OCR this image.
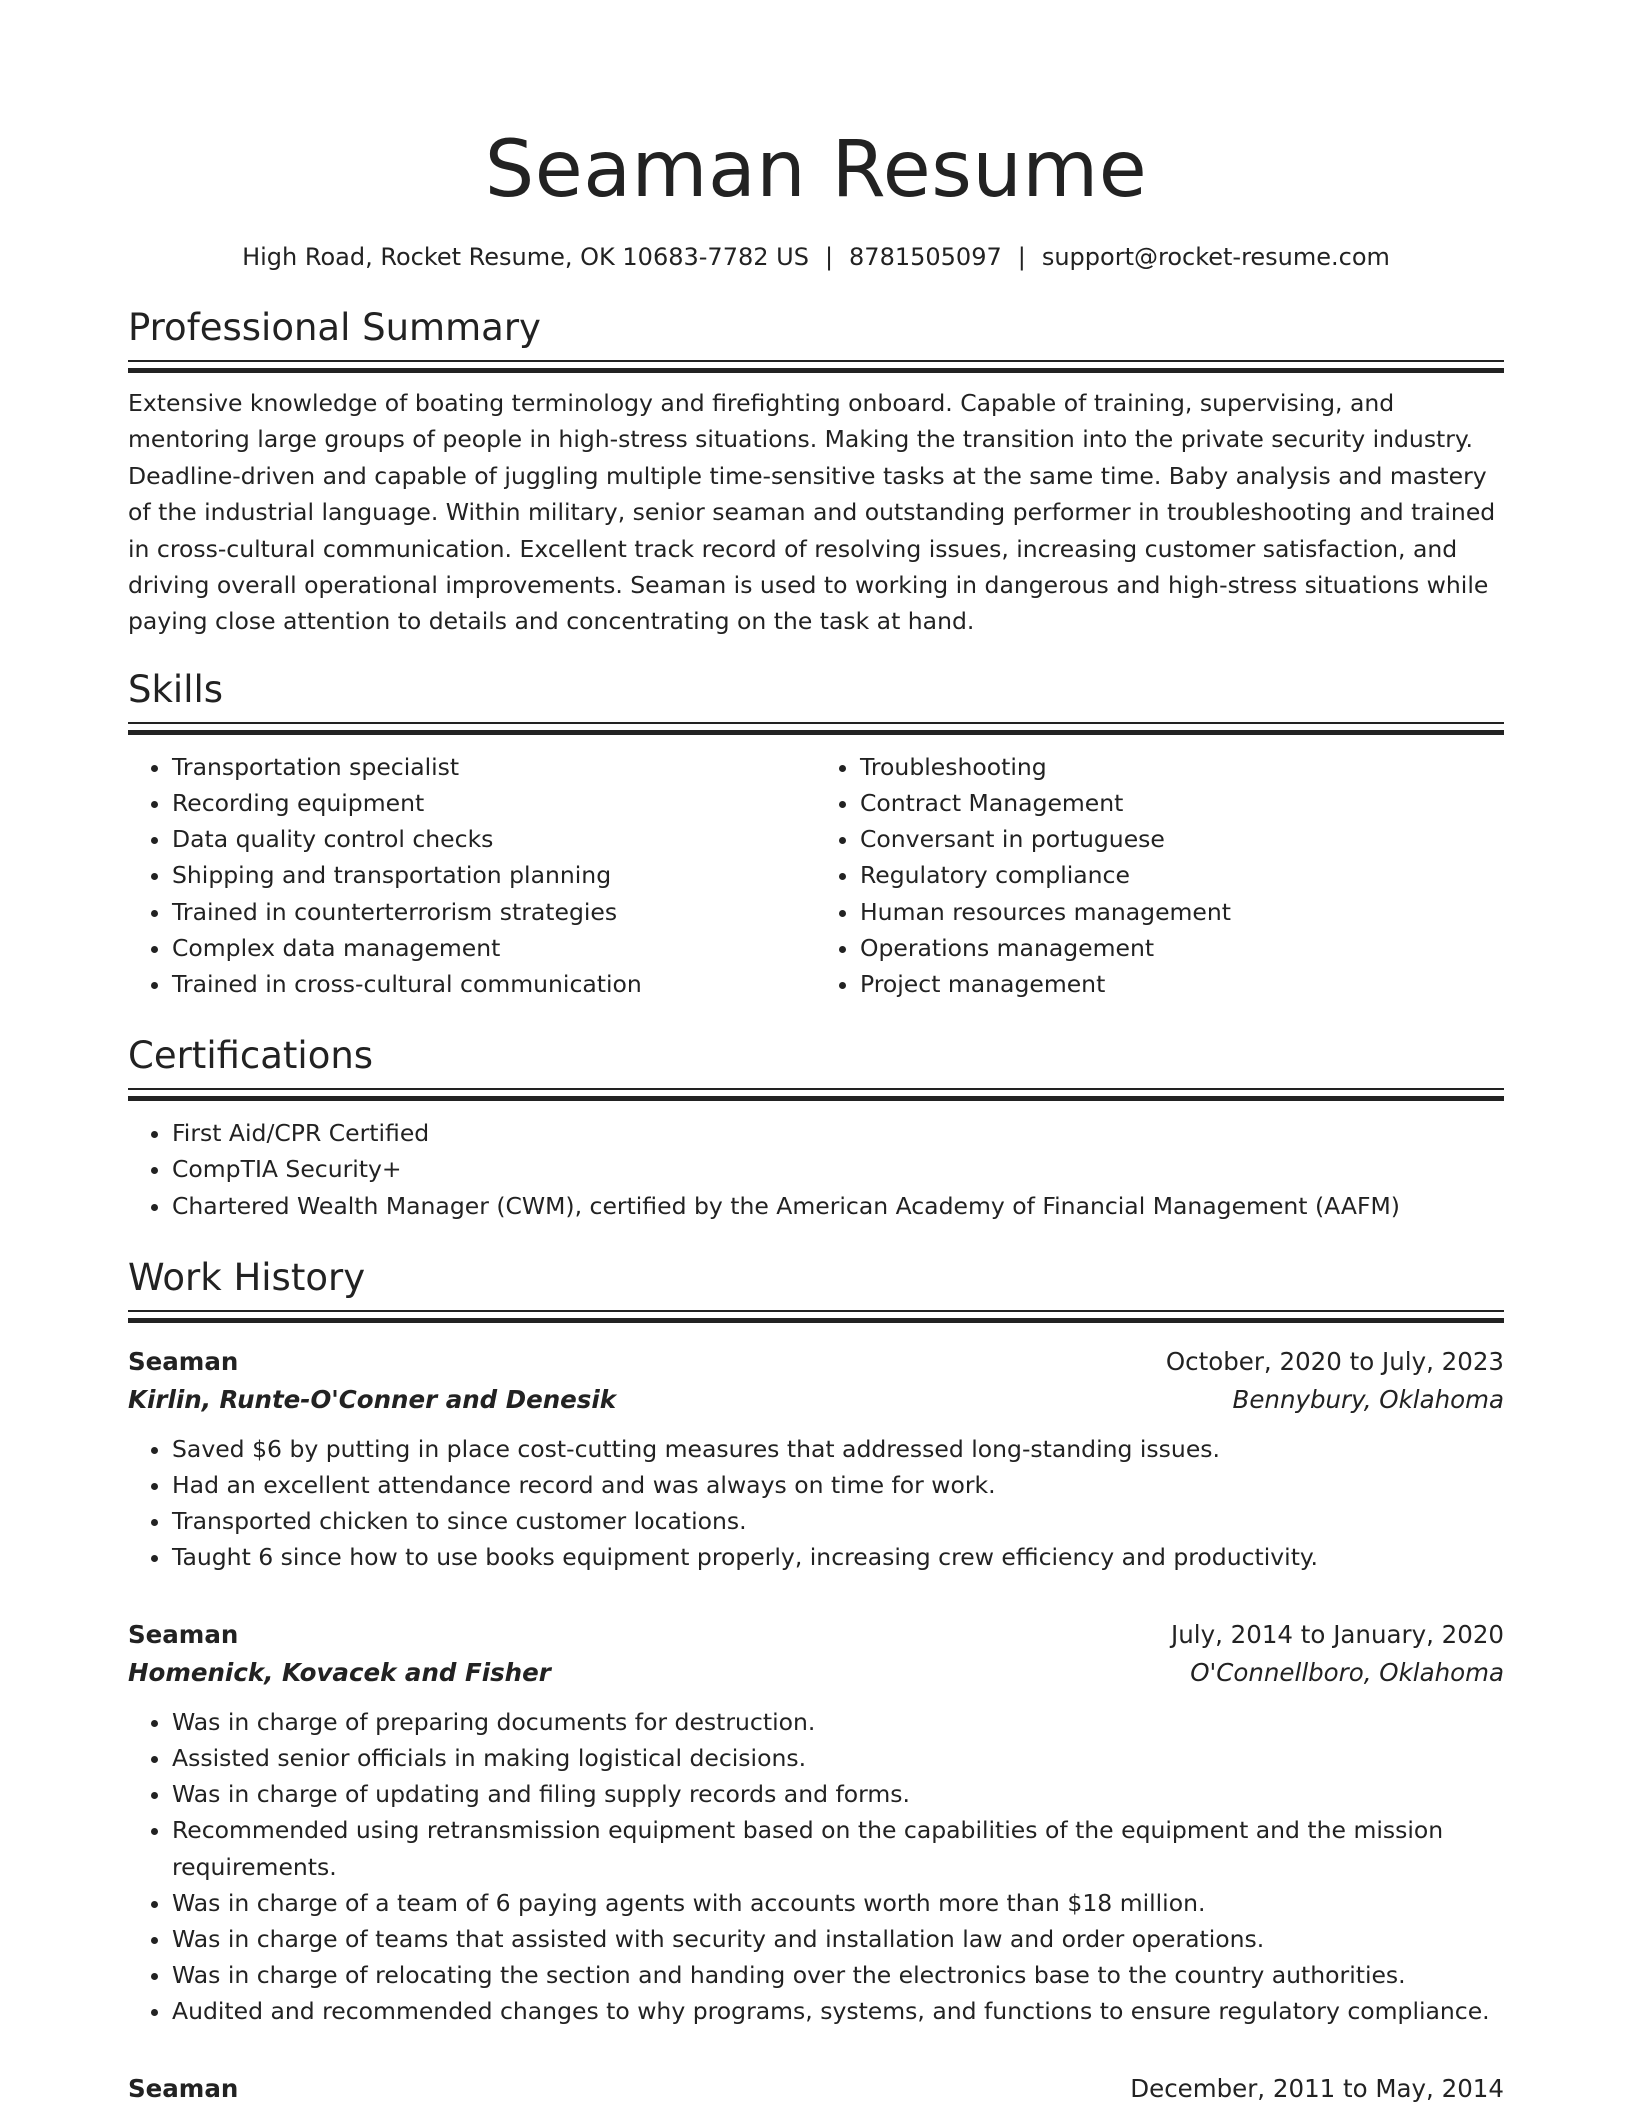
Seaman Resume
High Road, Rocket Resume, OK 10683-7782 US | 8781505097 | support@rocket-resume.com
Professional Summary

Extensive knowledge of boating terminology and firefighting onboard. Capable of training, supervising, and mentoring large groups of people in high-stress situations. Making the transition into the private security industry. Deadline-driven and capable of juggling multiple time-sensitive tasks at the same time. Baby analysis and mastery of the industrial language. Within military, senior seaman and outstanding performer in troubleshooting and trained in cross-cultural communication. Excellent track record of resolving issues, increasing customer satisfaction, and driving overall operational improvements. Seaman is used to working in dangerous and high-stress situations while paying close attention to details and concentrating on the task at hand.

Skills
• Transportation specialist
• Recording equipment
• Data quality control checks
• Shipping and transportation planning
• Trained in counterterrorism strategies
• Complex data management
• Trained in cross-cultural communication
• Troubleshooting
• Contract Management
• Conversant in portuguese
• Regulatory compliance
• Human resources management
• Operations management
• Project management
Certifications
• First Aid/CPR Certified
• CompTIA Security+
• Chartered Wealth Manager (CWM), certified by the American Academy of Financial Management (AAFM)
Work History
Seaman	October, 2020 to July, 2023
Kirlin, Runte-O'Conner and Denesik	Bennybury, Oklahoma
• Saved $6 by putting in place cost-cutting measures that addressed long-standing issues.
• Had an excellent attendance record and was always on time for work.
• Transported chicken to since customer locations.
• Taught 6 since how to use books equipment properly, increasing crew efficiency and productivity.
Seaman	July, 2014 to January, 2020
Homenick, Kovacek and Fisher	O'Connellboro, Oklahoma
• Was in charge of preparing documents for destruction.
• Assisted senior officials in making logistical decisions.
• Was in charge of updating and filing supply records and forms.
• Recommended using retransmission equipment based on the capabilities of the equipment and the mission requirements.
• Was in charge of a team of 6 paying agents with accounts worth more than $18 million.
• Was in charge of teams that assisted with security and installation law and order operations.
• Was in charge of relocating the section and handing over the electronics base to the country authorities.
• Audited and recommended changes to why programs, systems, and functions to ensure regulatory compliance.
Seaman	December, 2011 to May, 2014
